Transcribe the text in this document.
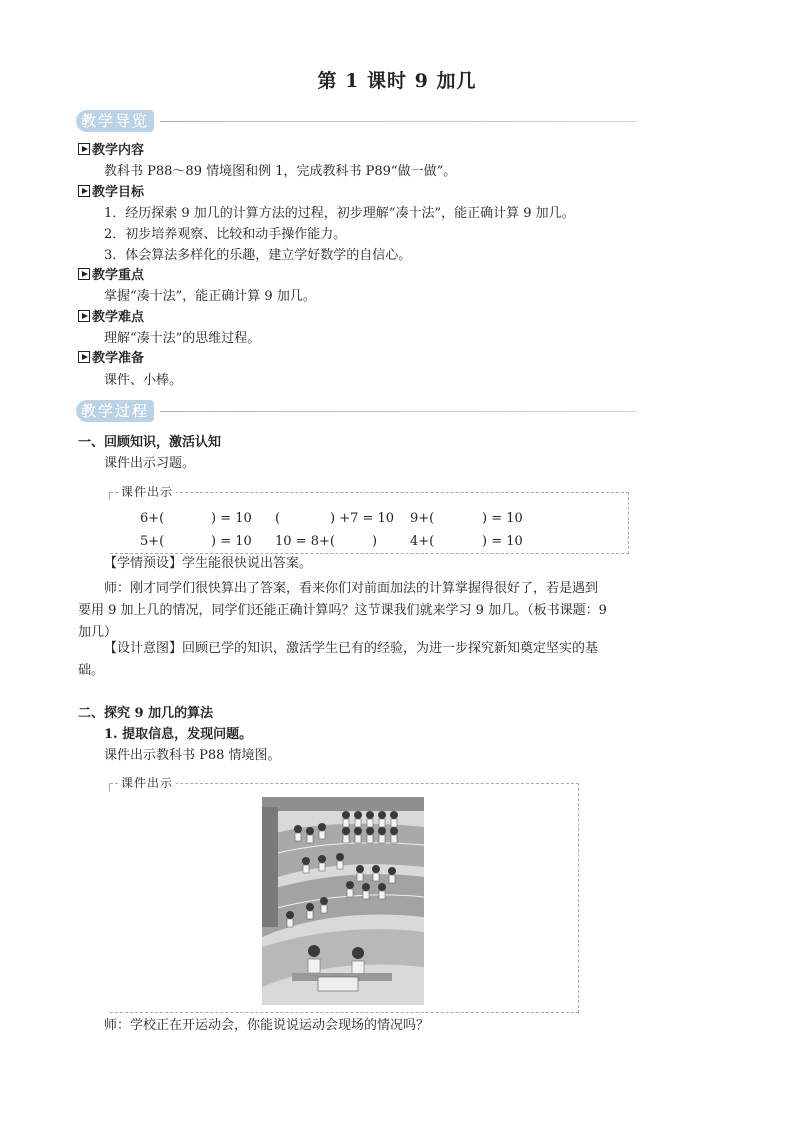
第 1 课时 9 加几
教学导览
教学内容
教科书 P88～89 情境图和例 1，完成教科书 P89“做一做”。
教学目标
1．经历探索 9 加几的计算方法的过程，初步理解“凑十法”，能正确计算 9 加几。
2．初步培养观察、比较和动手操作能力。
3．体会算法多样化的乐趣，建立学好数学的自信心。
教学重点
掌握“凑十法”，能正确计算 9 加几。
教学难点
理解“凑十法”的思维过程。
教学准备
课件、小棒。
教学过程
一、回顾知识，激活认知
课件出示习题。
课件出示
6+(	) = 10 (	) +7 = 10 9+(	) = 10
5+(	) = 10 10 = 8+(	)	4+(	) = 10
【学情预设】学生能很快说出答案。
师：刚才同学们很快算出了答案，看来你们对前面加法的计算掌握得很好了，若是遇到要用 9 加上几的情况，同学们还能正确计算吗？这节课我们就来学习 9 加几。（板书课题：9 加几）
【设计意图】回顾已学的知识，激活学生已有的经验，为进一步探究新知奠定坚实的基础。
二、探究 9 加几的算法
1. 提取信息，发现问题。
课件出示教科书 P88 情境图。
课件出示
师：学校正在开运动会，你能说说运动会现场的情况吗？
